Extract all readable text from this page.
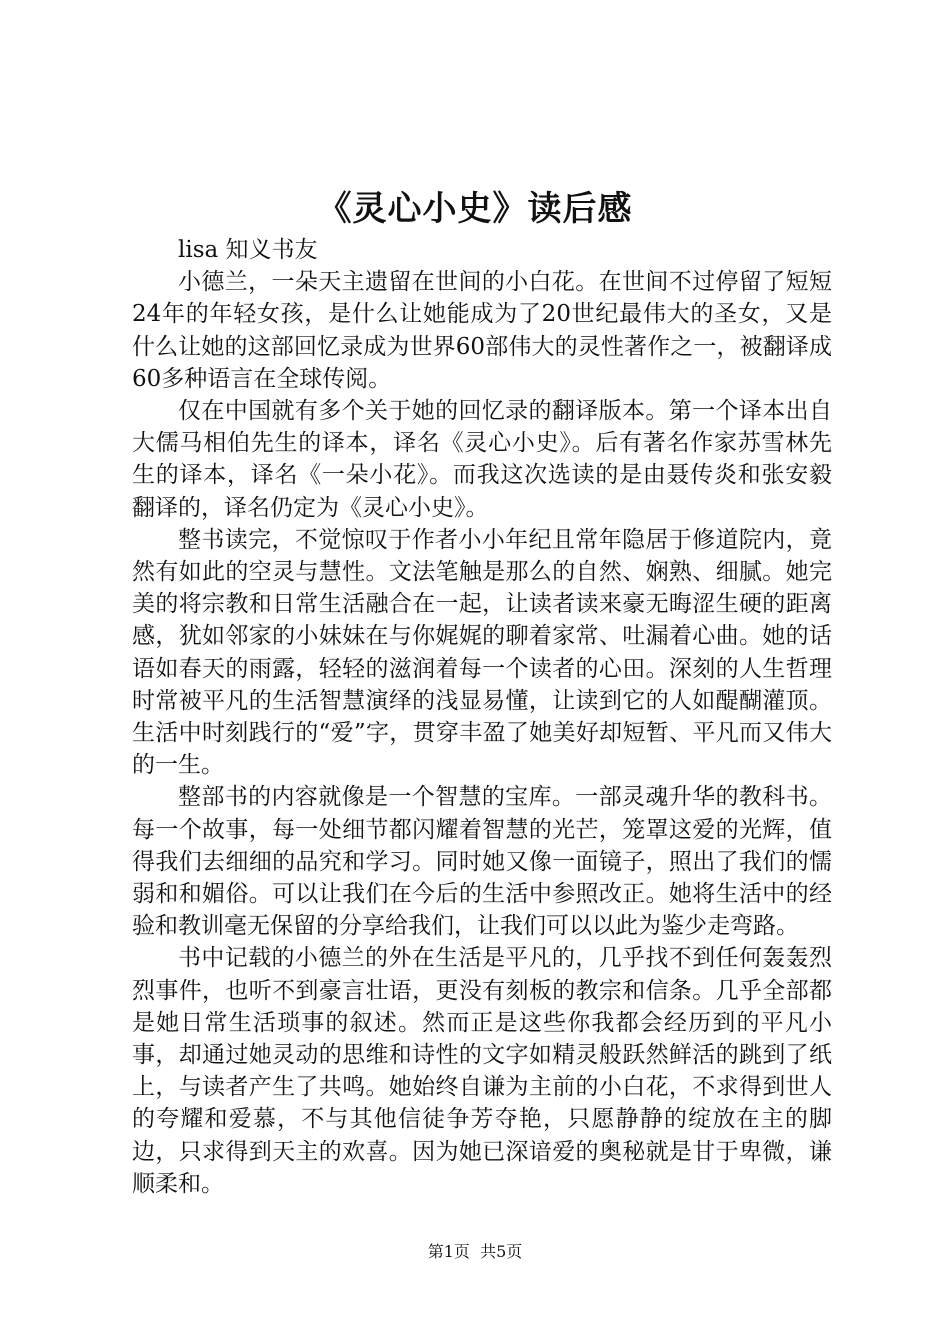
《灵心小史》读后感

lisa 知义书友

小德兰，一朵天主遗留在世间的小白花。在世间不过停留了短短24年的年轻女孩，是什么让她能成为了20世纪最伟大的圣女，又是什么让她的这部回忆录成为世界60部伟大的灵性著作之一，被翻译成60多种语言在全球传阅。

仅在中国就有多个关于她的回忆录的翻译版本。第一个译本出自大儒马相伯先生的译本，译名《灵心小史》。后有著名作家苏雪林先生的译本，译名《一朵小花》。而我这次选读的是由聂传炎和张安毅翻译的，译名仍定为《灵心小史》。

整书读完，不觉惊叹于作者小小年纪且常年隐居于修道院内，竟然有如此的空灵与慧性。文法笔触是那么的自然、娴熟、细腻。她完美的将宗教和日常生活融合在一起，让读者读来豪无晦涩生硬的距离感，犹如邻家的小妹妹在与你娓娓的聊着家常、吐漏着心曲。她的话语如春天的雨露，轻轻的滋润着每一个读者的心田。深刻的人生哲理时常被平凡的生活智慧演绎的浅显易懂，让读到它的人如醍醐灌顶。生活中时刻践行的“爱”字，贯穿丰盈了她美好却短暂、平凡而又伟大的一生。

整部书的内容就像是一个智慧的宝库。一部灵魂升华的教科书。每一个故事，每一处细节都闪耀着智慧的光芒，笼罩这爱的光辉，值得我们去细细的品究和学习。同时她又像一面镜子，照出了我们的懦弱和和媚俗。可以让我们在今后的生活中参照改正。她将生活中的经验和教训毫无保留的分享给我们，让我们可以以此为鉴少走弯路。

书中记载的小德兰的外在生活是平凡的，几乎找不到任何轰轰烈烈事件，也听不到豪言壮语，更没有刻板的教宗和信条。几乎全部都是她日常生活琐事的叙述。然而正是这些你我都会经历到的平凡小事，却通过她灵动的思维和诗性的文字如精灵般跃然鲜活的跳到了纸上，与读者产生了共鸣。她始终自谦为主前的小白花，不求得到世人的夸耀和爱慕，不与其他信徒争芳夺艳，只愿静静的绽放在主的脚边，只求得到天主的欢喜。因为她已深谙爱的奥秘就是甘于卑微，谦顺柔和。

第1页 共5页
